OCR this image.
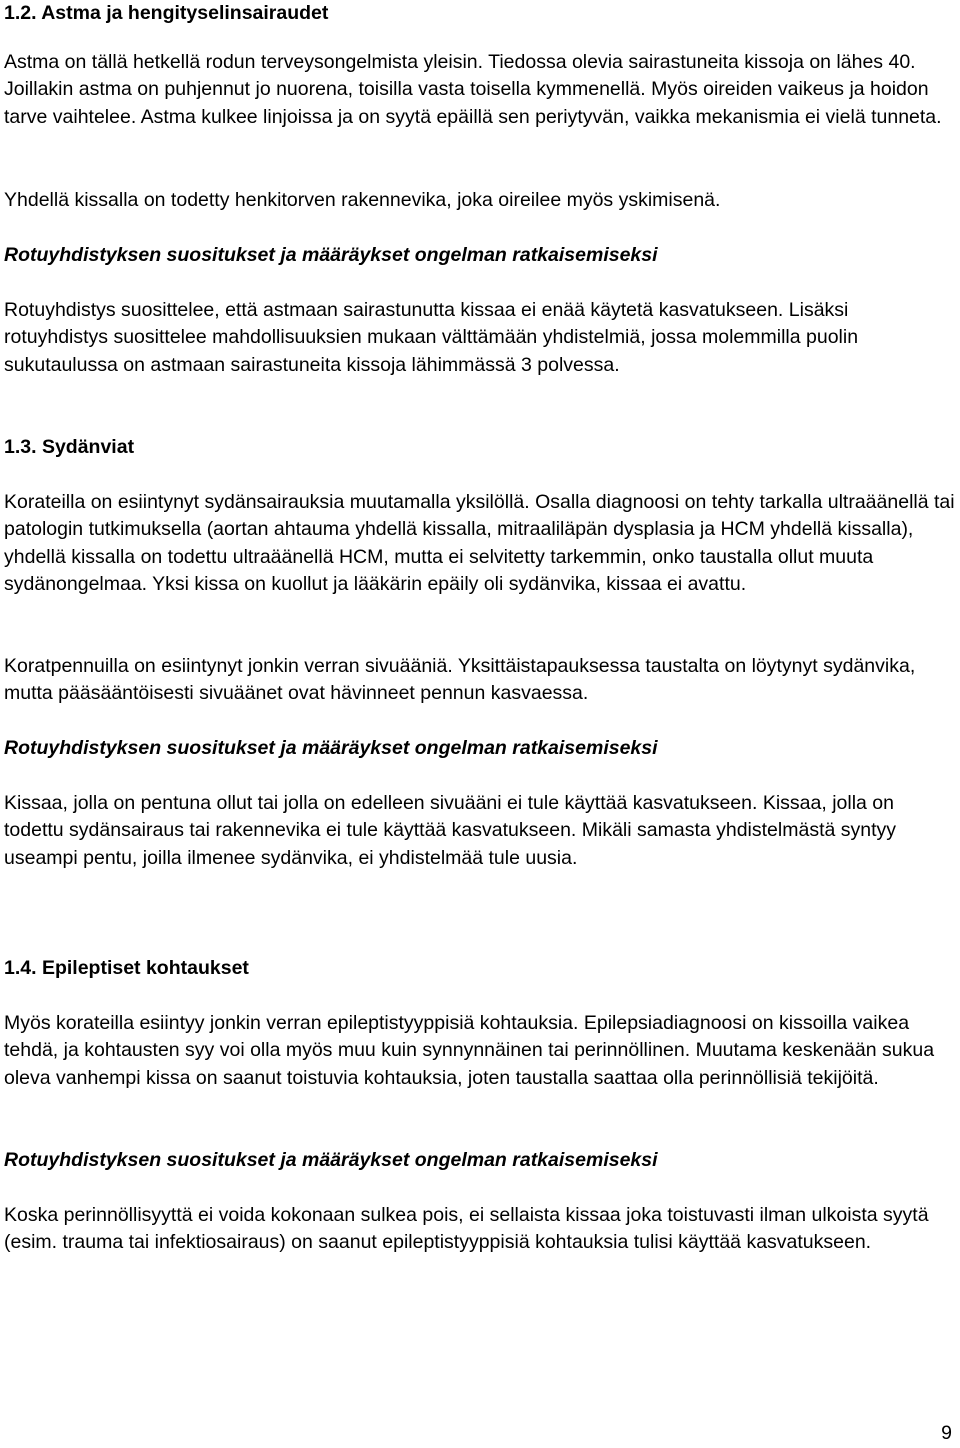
1.2. Astma ja hengityselinsairaudet

Astma on tällä hetkellä rodun terveysongelmista yleisin. Tiedossa olevia sairastuneita kissoja on lähes 40. Joillakin astma on puhjennut jo nuorena, toisilla vasta toisella kymmenellä. Myös oireiden vaikeus ja hoidon tarve vaihtelee. Astma kulkee linjoissa ja on syytä epäillä sen periytyvän, vaikka mekanismia ei vielä tunneta.

Yhdellä kissalla on todetty henkitorven rakennevika, joka oireilee myös yskimisenä.

Rotuyhdistyksen suositukset ja määräykset ongelman ratkaisemiseksi

Rotuyhdistys suosittelee, että astmaan sairastunutta kissaa ei enää käytetä kasvatukseen. Lisäksi rotuyhdistys suosittelee mahdollisuuksien mukaan välttämään yhdistelmiä, jossa molemmilla puolin sukutaulussa on astmaan sairastuneita kissoja lähimmässä 3 polvessa.

1.3. Sydänviat

Korateilla on esiintynyt sydänsairauksia muutamalla yksilöllä. Osalla diagnoosi on tehty tarkalla ultraäänellä tai patologin tutkimuksella (aortan ahtauma yhdellä kissalla, mitraaliläpän dysplasia ja HCM yhdellä kissalla), yhdellä kissalla on todettu ultraäänellä HCM, mutta ei selvitetty tarkemmin, onko taustalla ollut muuta sydänongelmaa. Yksi kissa on kuollut ja lääkärin epäily oli sydänvika, kissaa ei avattu.

Koratpennuilla on esiintynyt jonkin verran sivuääniä. Yksittäistapauksessa taustalta on löytynyt sydänvika, mutta pääsääntöisesti sivuäänet ovat hävinneet pennun kasvaessa.

Rotuyhdistyksen suositukset ja määräykset ongelman ratkaisemiseksi

Kissaa, jolla on pentuna ollut tai jolla on edelleen sivuääni ei tule käyttää kasvatukseen. Kissaa, jolla on todettu sydänsairaus tai rakennevika ei tule käyttää kasvatukseen. Mikäli samasta yhdistelmästä syntyy useampi pentu, joilla ilmenee sydänvika, ei yhdistelmää tule uusia.

1.4. Epileptiset kohtaukset

Myös korateilla esiintyy jonkin verran epileptistyyppisiä kohtauksia. Epilepsiadiagnoosi on kissoilla vaikea tehdä, ja kohtausten syy voi olla myös muu kuin synnynnäinen tai perinnöllinen. Muutama keskenään sukua oleva vanhempi kissa on saanut toistuvia kohtauksia, joten taustalla saattaa olla perinnöllisiä tekijöitä.

Rotuyhdistyksen suositukset ja määräykset ongelman ratkaisemiseksi

Koska perinnöllisyyttä ei voida kokonaan sulkea pois, ei sellaista kissaa joka toistuvasti ilman ulkoista syytä (esim. trauma tai infektiosairaus) on saanut epileptistyyppisiä kohtauksia tulisi käyttää kasvatukseen.

9
